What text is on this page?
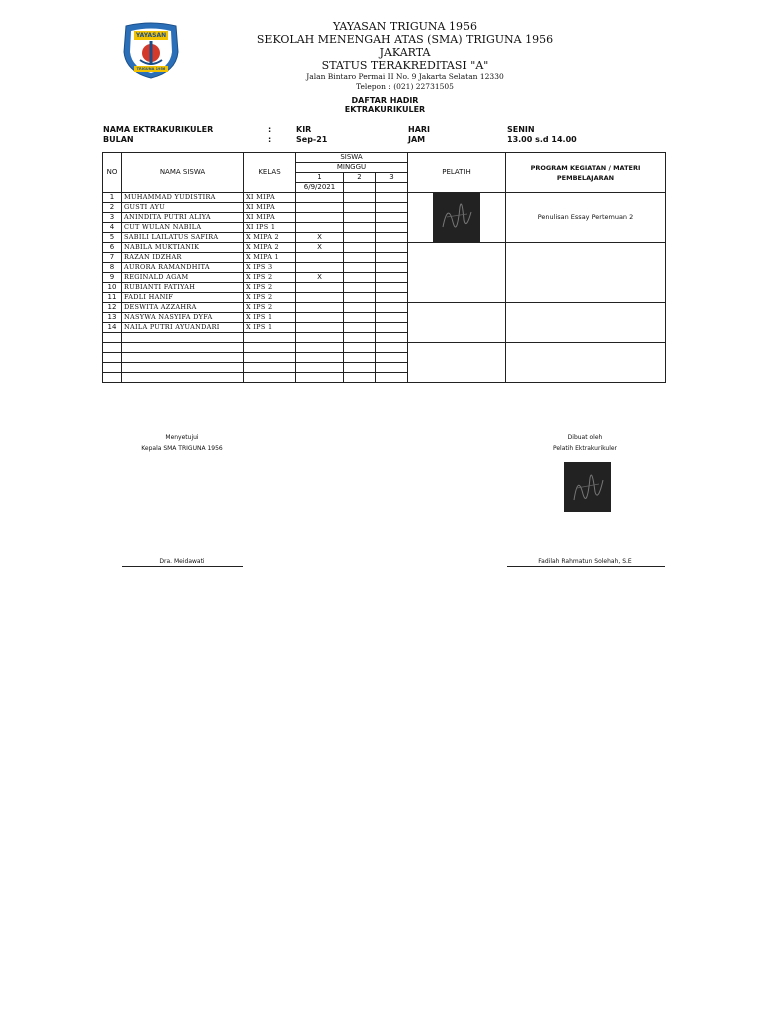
YAYASAN
TRIGUNA 1956
YAYASAN TRIGUNA 1956
SEKOLAH MENENGAH ATAS (SMA) TRIGUNA 1956
JAKARTA
STATUS TERAKREDITASI "A"
Jalan Bintaro Permai II No. 9 Jakarta Selatan 12330
Telepon : (021) 22731505
DAFTAR HADIR
EKTRAKURIKULER
NAMA EKTRAKURIKULER	:	KIR
BULAN	:	Sep-21
HARI	SENIN
JAM	13.00 s.d 14.00
NO	NAMA SISWA	KELAS	SISWA			PELATIH	PROGRAM KEGIATAN / MATERI PEMBELAJARAN
			MINGGU				
			1	2	3		
			6/9/2021				
1	MUHAMMAD YUDISTIRA	XI MIPA					Penulisan Essay Pertemuan 2
2	GUSTI AYU	XI MIPA					
3	ANINDITA PUTRI ALIYA	XI MIPA					
4	CUT WULAN NABILA	XI IPS 1					
5	SABILI LAILATUS SAFIRA	X MIPA 2	X				
6	NABILA MUKTIANIK	X MIPA 2	X				
7	RAZAN IDZHAR	X MIPA 1					
8	AURORA RAMANDHITA	X IPS 3					
9	REGINALD AGAM	X IPS 2	X				
10	RUBIANTI FATIYAH	X IPS 2					
11	FADLI HANIF	X IPS 2					
12	DESWITA AZZAHRA	X IPS 2					
13	NASYWA NASYIFA DYFA	X IPS 1					
14	NAILA PUTRI AYUANDARI	X IPS 1					

Menyetujui
Kepala SMA TRIGUNA 1956
Dra. Meidawati
Dibuat oleh
Pelatih Ektrakurikuler
Fadilah Rahmatun Solehah, S.E
